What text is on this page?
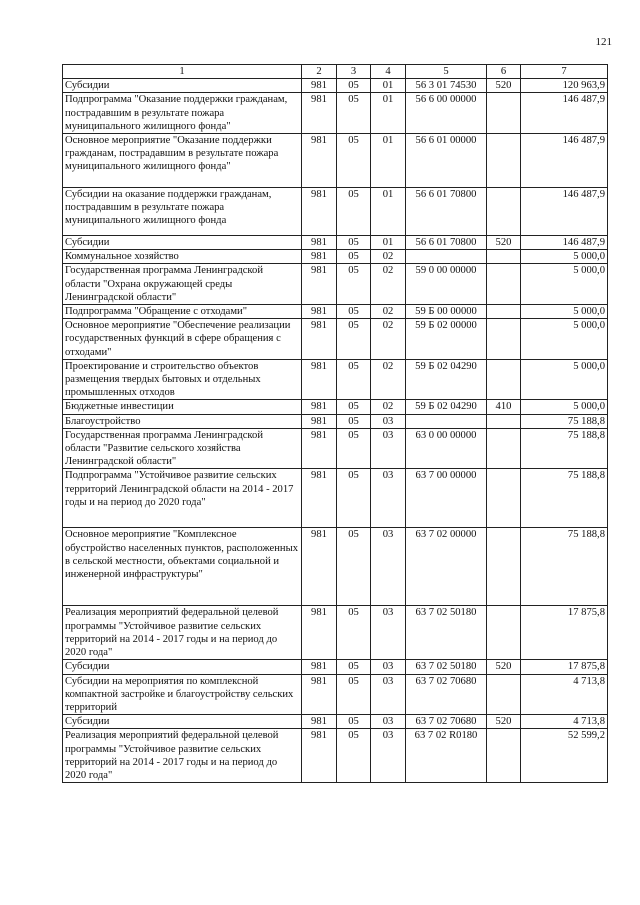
121
1	2	3	4	5	6	7
Субсидии	981	05	01	56 3 01 74530	520	120 963,9
Подпрограмма "Оказание поддержки гражданам, пострадавшим в результате пожара муниципального жилищного фонда"	981	05	01	56 6 00 00000		146 487,9
Основное мероприятие "Оказание поддержки гражданам, пострадавшим в результате пожара муниципального жилищного фонда"	981	05	01	56 6 01 00000		146 487,9
Субсидии на оказание поддержки гражданам, пострадавшим в результате пожара муниципального жилищного фонда	981	05	01	56 6 01 70800		146 487,9
Субсидии	981	05	01	56 6 01 70800	520	146 487,9
Коммунальное хозяйство	981	05	02			5 000,0
Государственная программа Ленинградской области "Охрана окружающей среды Ленинградской области"	981	05	02	59 0 00 00000		5 000,0
Подпрограмма "Обращение с отходами"	981	05	02	59 Б 00 00000		5 000,0
Основное мероприятие "Обеспечение реализации государственных функций в сфере обращения с отходами"	981	05	02	59 Б 02 00000		5 000,0
Проектирование и строительство объектов размещения твердых бытовых и отдельных промышленных отходов	981	05	02	59 Б 02 04290		5 000,0
Бюджетные инвестиции	981	05	02	59 Б 02 04290	410	5 000,0
Благоустройство	981	05	03			75 188,8
Государственная программа Ленинградской области "Развитие сельского хозяйства Ленинградской области"	981	05	03	63 0 00 00000		75 188,8
Подпрограмма "Устойчивое развитие сельских территорий Ленинградской области на 2014 - 2017 годы и на период до 2020 года"	981	05	03	63 7 00 00000		75 188,8
Основное мероприятие "Комплексное обустройство населенных пунктов, расположенных в сельской местности, объектами социальной и инженерной инфраструктуры"	981	05	03	63 7 02 00000		75 188,8
Реализация мероприятий федеральной целевой программы "Устойчивое развитие сельских территорий на 2014 - 2017 годы и на период до 2020 года"	981	05	03	63 7 02 50180		17 875,8
Субсидии	981	05	03	63 7 02 50180	520	17 875,8
Субсидии на мероприятия по комплексной компактной застройке и благоустройству сельских территорий	981	05	03	63 7 02 70680		4 713,8
Субсидии	981	05	03	63 7 02 70680	520	4 713,8
Реализация мероприятий федеральной целевой программы "Устойчивое развитие сельских территорий на 2014 - 2017 годы и на период до 2020 года"	981	05	03	63 7 02 R0180		52 599,2
